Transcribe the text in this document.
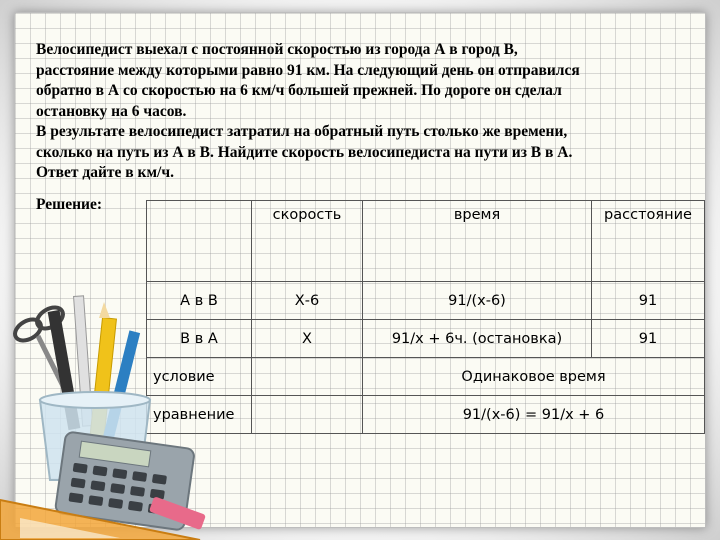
Велосипедист выехал с постоянной скоростью из города А в город В,

расстояние между которыми равно 91 км. На следующий день он отправился

обратно в А со скоростью на 6 км/ч большей прежней. По дороге он сделал

остановку на 6 часов.

В результате велосипедист затратил на обратный путь столько же времени,

сколько на путь из А в В. Найдите скорость велосипедиста на пути из В в А.

Ответ дайте в км/ч.

Решение:
	скорость	время	расстояние
А в В	Х-6	91/(х-6)	91
В в А	Х	91/х + 6ч. (остановка)	91
условие		Одинаковое время	
уравнение		91/(х-6) = 91/х + 6	
